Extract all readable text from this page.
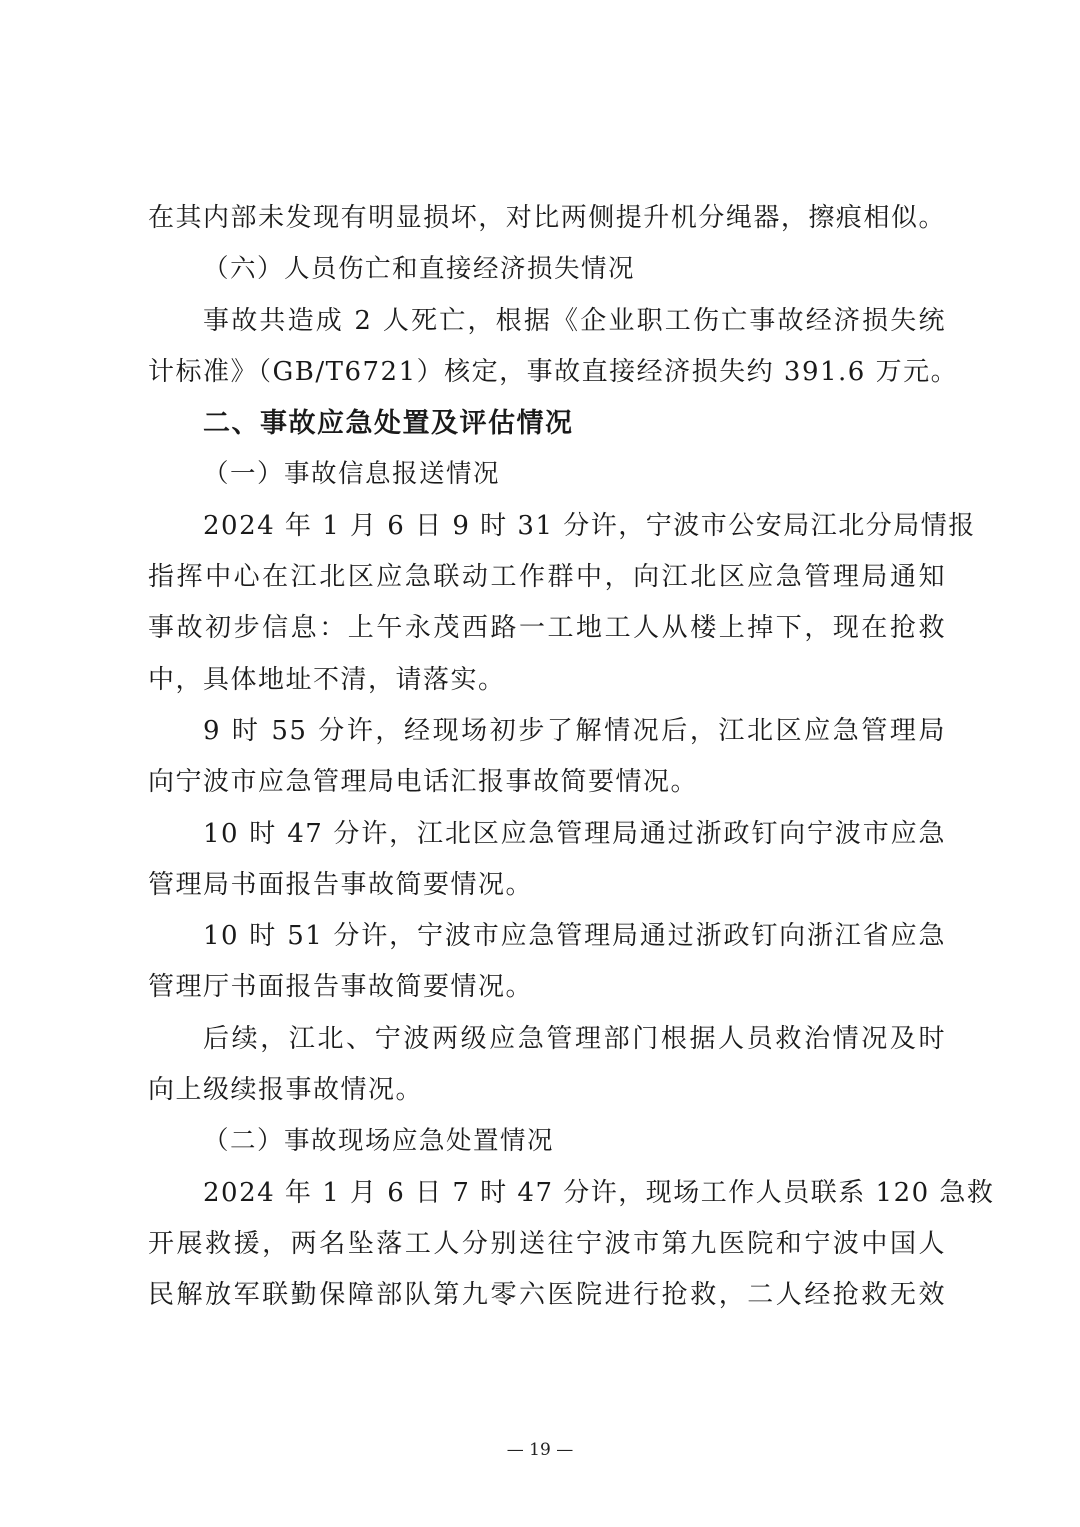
在其内部未发现有明显损坏，对比两侧提升机分绳器，擦痕相似。
（六）人员伤亡和直接经济损失情况
事故共造成 2 人死亡，根据《企业职工伤亡事故经济损失统
计标准》（GB/T6721）核定，事故直接经济损失约 391.6 万元。
二、事故应急处置及评估情况
（一）事故信息报送情况
2024 年 1 月 6 日 9 时 31 分许，宁波市公安局江北分局情报
指挥中心在江北区应急联动工作群中，向江北区应急管理局通知
事故初步信息：上午永茂西路一工地工人从楼上掉下，现在抢救
中，具体地址不清，请落实。
9 时 55 分许，经现场初步了解情况后，江北区应急管理局
向宁波市应急管理局电话汇报事故简要情况。
10 时 47 分许，江北区应急管理局通过浙政钉向宁波市应急
管理局书面报告事故简要情况。
10 时 51 分许，宁波市应急管理局通过浙政钉向浙江省应急
管理厅书面报告事故简要情况。
后续，江北、宁波两级应急管理部门根据人员救治情况及时
向上级续报事故情况。
（二）事故现场应急处置情况
2024 年 1 月 6 日 7 时 47 分许，现场工作人员联系 120 急救
开展救援，两名坠落工人分别送往宁波市第九医院和宁波中国人
民解放军联勤保障部队第九零六医院进行抢救，二人经抢救无效
— 19 —
